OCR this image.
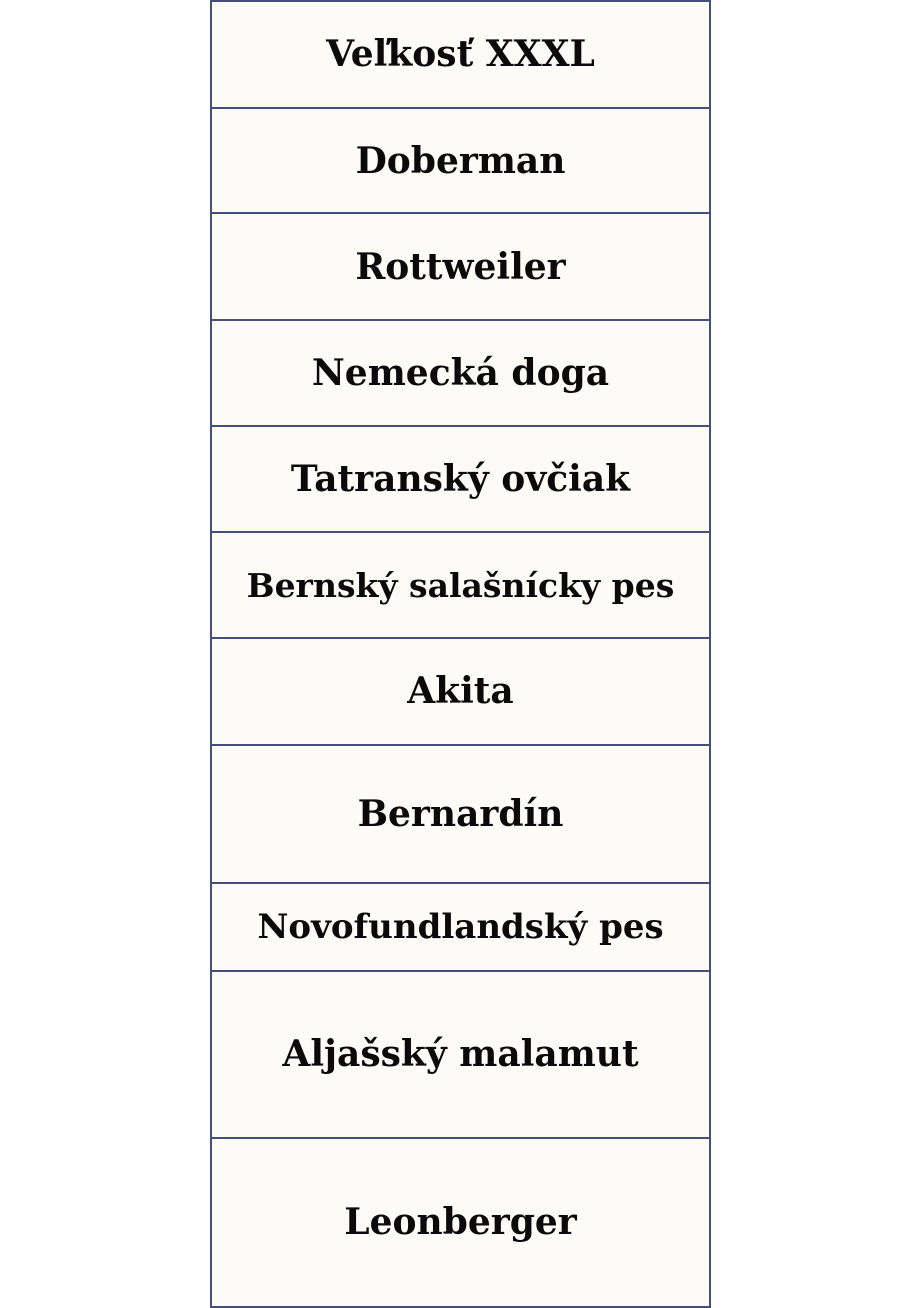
Veľkosť XXXL
Doberman
Rottweiler
Nemecká doga
Tatranský ovčiak
Bernský salašnícky pes
Akita
Bernardín
Novofundlandský pes
Aljašský malamut
Leonberger
